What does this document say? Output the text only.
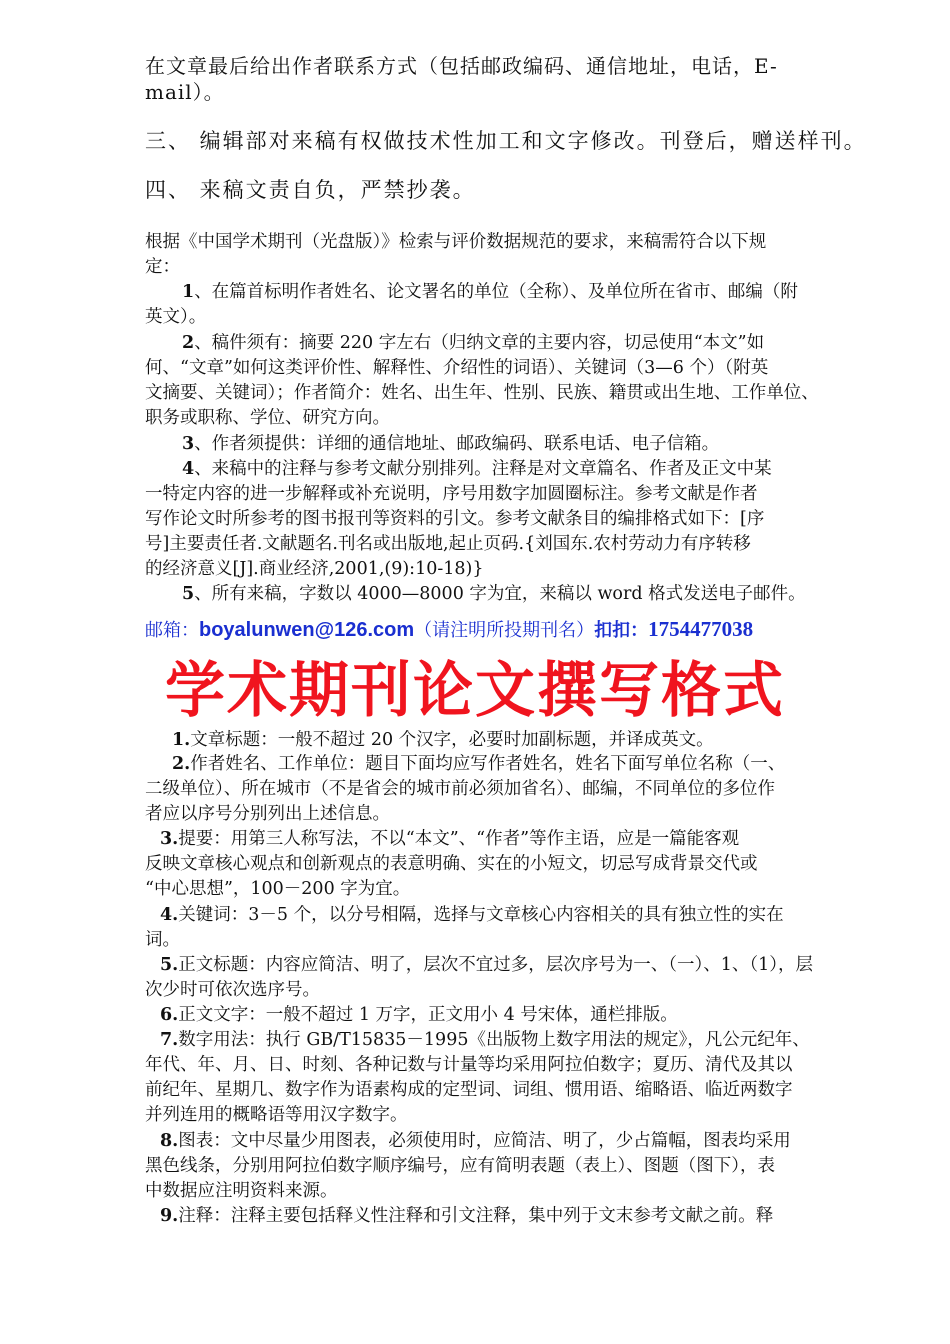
在文章最后给出作者联系方式（包括邮政编码、通信地址，电话，E-
mail）。
三、 编辑部对来稿有权做技术性加工和文字修改。刊登后，赠送样刊。
四、 来稿文责自负，严禁抄袭。
根据《中国学术期刊（光盘版）》检索与评价数据规范的要求，来稿需符合以下规
定：
1、在篇首标明作者姓名、论文署名的单位（全称）、及单位所在省市、邮编（附
英文）。
2、稿件须有：摘要 220 字左右（归纳文章的主要内容，切忌使用“本文”如
何、“文章”如何这类评价性、解释性、介绍性的词语）、关键词（3—6 个）（附英
文摘要、关键词）；作者简介：姓名、出生年、性别、民族、籍贯或出生地、工作单位、
职务或职称、学位、研究方向。
3、作者须提供：详细的通信地址、邮政编码、联系电话、电子信箱。
4、来稿中的注释与参考文献分别排列。注释是对文章篇名、作者及正文中某
一特定内容的进一步解释或补充说明，序号用数字加圆圈标注。参考文献是作者
写作论文时所参考的图书报刊等资料的引文。参考文献条目的编排格式如下：[序
号]主要责任者.文献题名.刊名或出版地,起止页码.{刘国东.农村劳动力有序转移
的经济意义[J].商业经济,2001,(9):10-18)}
5、所有来稿，字数以 4000—8000 字为宜，来稿以 word 格式发送电子邮件。
邮箱：boyalunwen@126.com（请注明所投期刊名）扣扣：1754477038
学术期刊论文撰写格式
1.文章标题：一般不超过 20 个汉字，必要时加副标题，并译成英文。
2.作者姓名、工作单位：题目下面均应写作者姓名，姓名下面写单位名称（一、
二级单位）、所在城市（不是省会的城市前必须加省名）、邮编，不同单位的多位作
者应以序号分别列出上述信息。
3.提要：用第三人称写法，不以“本文”、“作者”等作主语，应是一篇能客观
反映文章核心观点和创新观点的表意明确、实在的小短文，切忌写成背景交代或
“中心思想”，100－200 字为宜。
4.关键词：3－5 个，以分号相隔，选择与文章核心内容相关的具有独立性的实在
词。
5.正文标题：内容应简洁、明了，层次不宜过多，层次序号为一、（一）、1、（1），层
次少时可依次选序号。
6.正文文字：一般不超过 1 万字，正文用小 4 号宋体，通栏排版。
7.数字用法：执行 GB/T15835－1995《出版物上数字用法的规定》，凡公元纪年、
年代、年、月、日、时刻、各种记数与计量等均采用阿拉伯数字；夏历、清代及其以
前纪年、星期几、数字作为语素构成的定型词、词组、惯用语、缩略语、临近两数字
并列连用的概略语等用汉字数字。
8.图表：文中尽量少用图表，必须使用时，应简洁、明了，少占篇幅，图表均采用
黑色线条，分别用阿拉伯数字顺序编号，应有简明表题（表上）、图题（图下），表
中数据应注明资料来源。
9.注释：注释主要包括释义性注释和引文注释，集中列于文末参考文献之前。释
